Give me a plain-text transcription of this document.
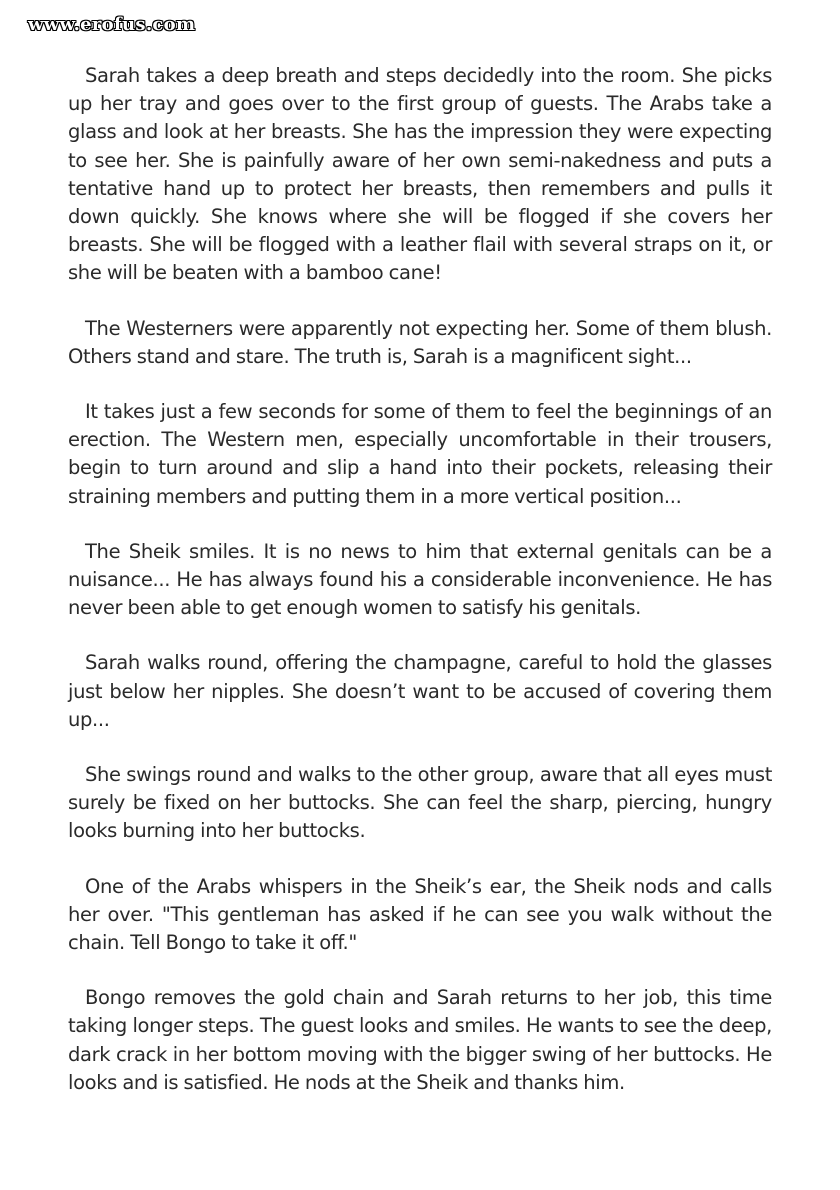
www.erofus.com

Sarah takes a deep breath and steps decidedly into the room. She picks up her tray and goes over to the first group of guests. The Arabs take a glass and look at her breasts. She has the impression they were expecting to see her. She is painfully aware of her own semi-nakedness and puts a tentative hand up to protect her breasts, then remembers and pulls it down quickly. She knows where she will be flogged if she covers her breasts. She will be flogged with a leather flail with several straps on it, or she will be beaten with a bamboo cane!

The Westerners were apparently not expecting her. Some of them blush. Others stand and stare. The truth is, Sarah is a magnificent sight...

It takes just a few seconds for some of them to feel the beginnings of an erection. The Western men, especially uncomfortable in their trousers, begin to turn around and slip a hand into their pockets, releasing their straining members and putting them in a more vertical position...

The Sheik smiles. It is no news to him that external genitals can be a nuisance... He has always found his a considerable inconvenience. He has never been able to get enough women to satisfy his genitals.

Sarah walks round, offering the champagne, careful to hold the glasses just below her nipples. She doesn’t want to be accused of covering them up...

She swings round and walks to the other group, aware that all eyes must surely be fixed on her buttocks. She can feel the sharp, piercing, hungry looks burning into her buttocks.

One of the Arabs whispers in the Sheik’s ear, the Sheik nods and calls her over. "This gentleman has asked if he can see you walk without the chain. Tell Bongo to take it off."

Bongo removes the gold chain and Sarah returns to her job, this time taking longer steps. The guest looks and smiles. He wants to see the deep, dark crack in her bottom moving with the bigger swing of her buttocks. He looks and is satisfied. He nods at the Sheik and thanks him.
